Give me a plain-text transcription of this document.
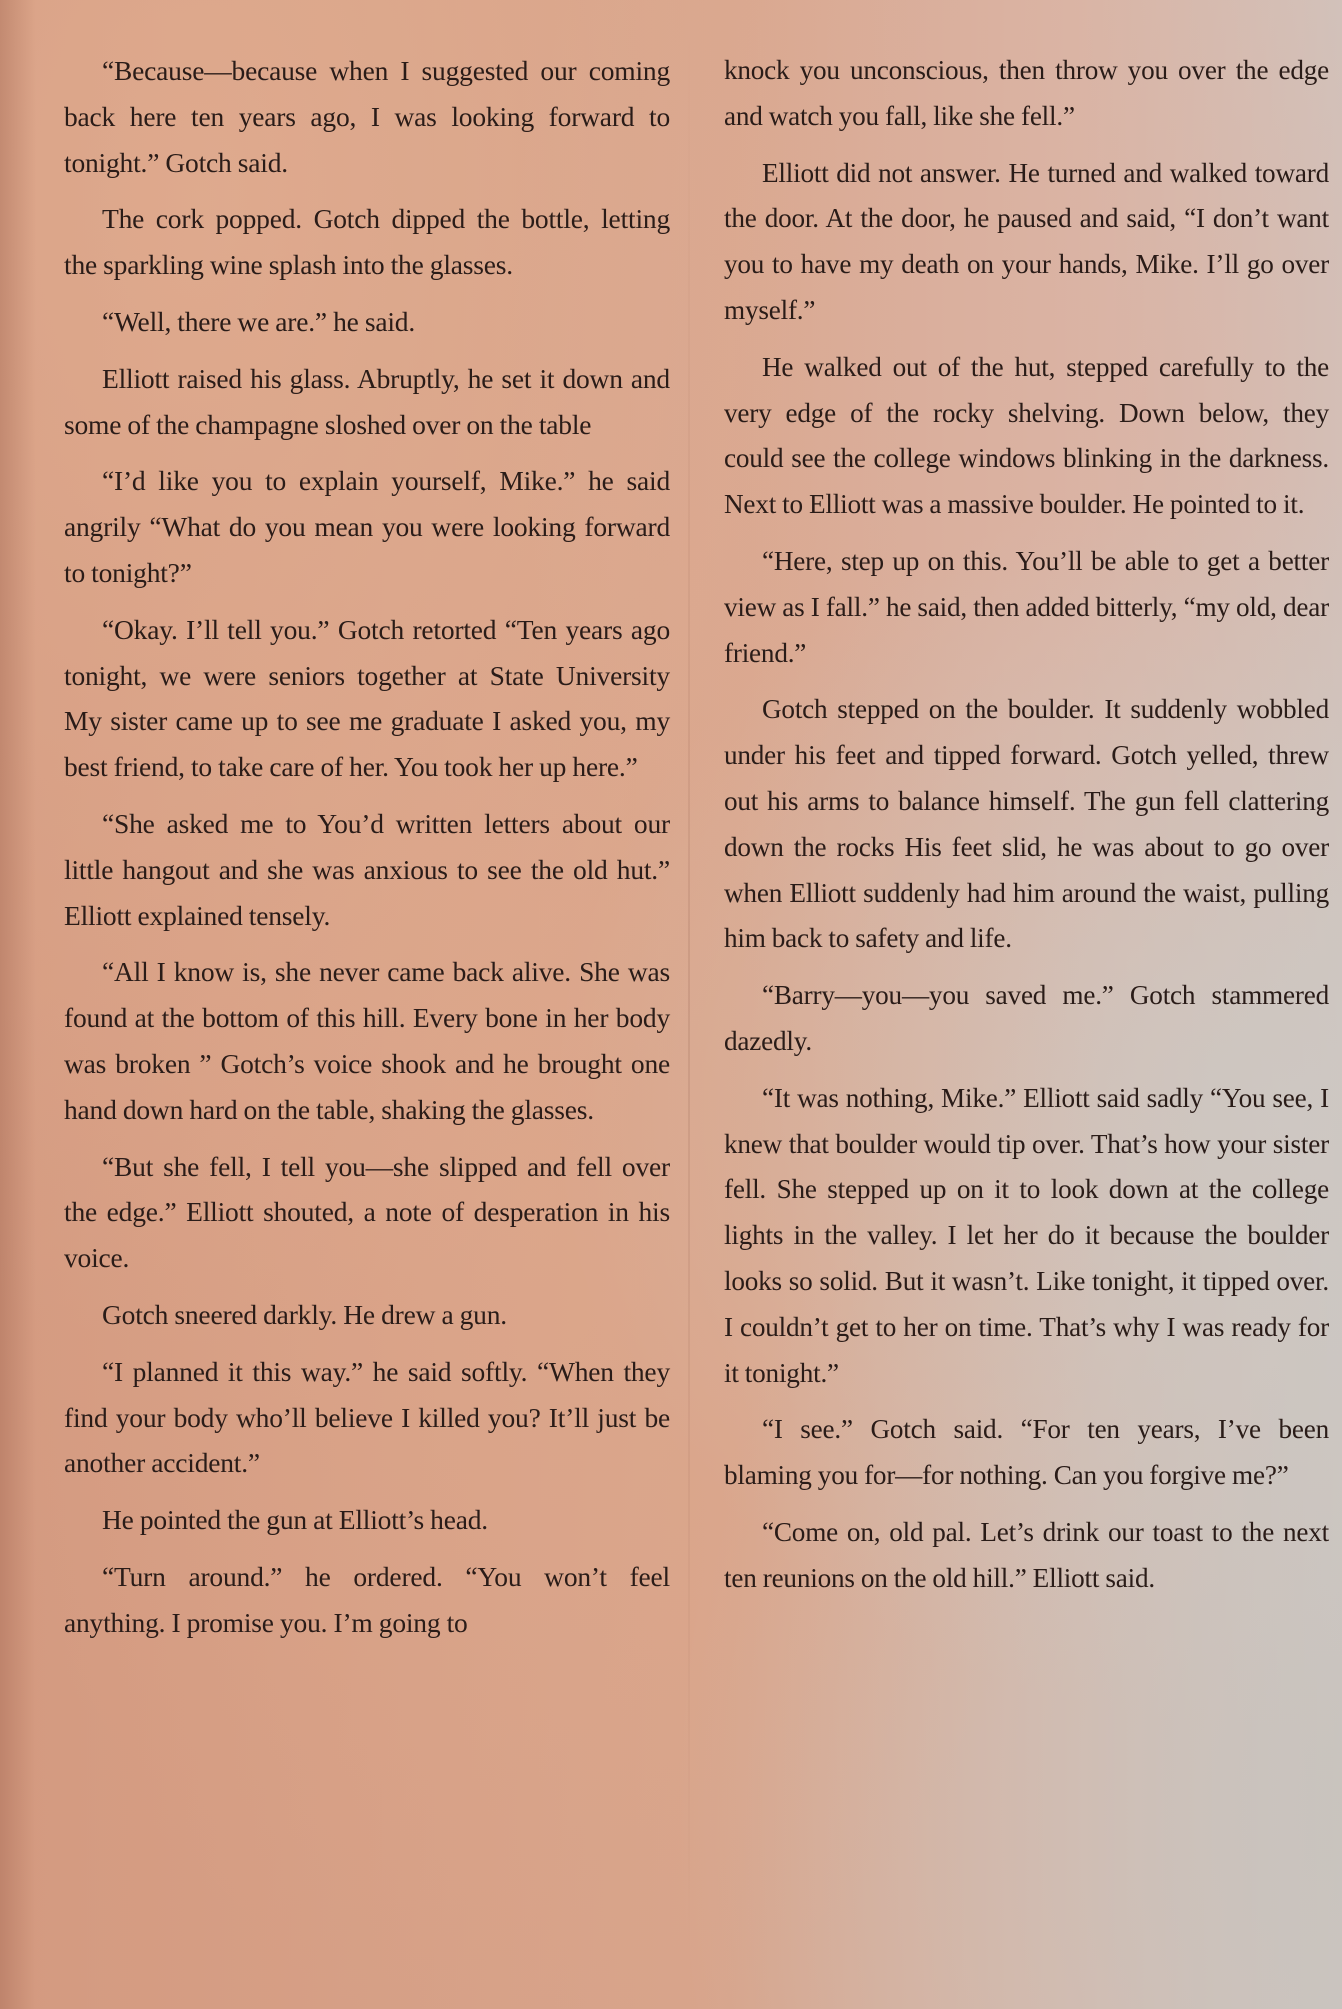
“Because—because when I suggested our coming back here ten years ago, I was looking forward to tonight.” Gotch said.

The cork popped. Gotch dipped the bottle, letting the sparkling wine splash into the glasses.

“Well, there we are.” he said.

Elliott raised his glass. Abruptly, he set it down and some of the champagne sloshed over on the table

“I’d like you to explain yourself, Mike.” he said angrily “What do you mean you were looking forward to tonight?”

“Okay. I’ll tell you.” Gotch retorted “Ten years ago tonight, we were seniors together at State University My sister came up to see me graduate I asked you, my best friend, to take care of her. You took her up here.”

“She asked me to You’d written letters about our little hangout and she was anxious to see the old hut.” Elliott explained tensely.

“All I know is, she never came back alive. She was found at the bottom of this hill. Every bone in her body was broken ” Gotch’s voice shook and he brought one hand down hard on the table, shaking the glasses.

“But she fell, I tell you—she slipped and fell over the edge.” Elliott shouted, a note of desperation in his voice.

Gotch sneered darkly. He drew a gun.

“I planned it this way.” he said softly. “When they find your body who’ll believe I killed you? It’ll just be another accident.”

He pointed the gun at Elliott’s head.

“Turn around.” he ordered. “You won’t feel anything. I promise you. I’m going to

knock you unconscious, then throw you over the edge and watch you fall, like she fell.”

Elliott did not answer. He turned and walked toward the door. At the door, he paused and said, “I don’t want you to have my death on your hands, Mike. I’ll go over myself.”

He walked out of the hut, stepped carefully to the very edge of the rocky shelving. Down below, they could see the college windows blinking in the darkness. Next to Elliott was a massive boulder. He pointed to it.

“Here, step up on this. You’ll be able to get a better view as I fall.” he said, then added bitterly, “my old, dear friend.”

Gotch stepped on the boulder. It suddenly wobbled under his feet and tipped forward. Gotch yelled, threw out his arms to balance himself. The gun fell clattering down the rocks His feet slid, he was about to go over when Elliott suddenly had him around the waist, pulling him back to safety and life.

“Barry—you—you saved me.” Gotch stammered dazedly.

“It was nothing, Mike.” Elliott said sadly “You see, I knew that boulder would tip over. That’s how your sister fell. She stepped up on it to look down at the college lights in the valley. I let her do it because the boulder looks so solid. But it wasn’t. Like tonight, it tipped over. I couldn’t get to her on time. That’s why I was ready for it tonight.”

“I see.” Gotch said. “For ten years, I’ve been blaming you for—for nothing. Can you forgive me?”

“Come on, old pal. Let’s drink our toast to the next ten reunions on the old hill.” Elliott said.
